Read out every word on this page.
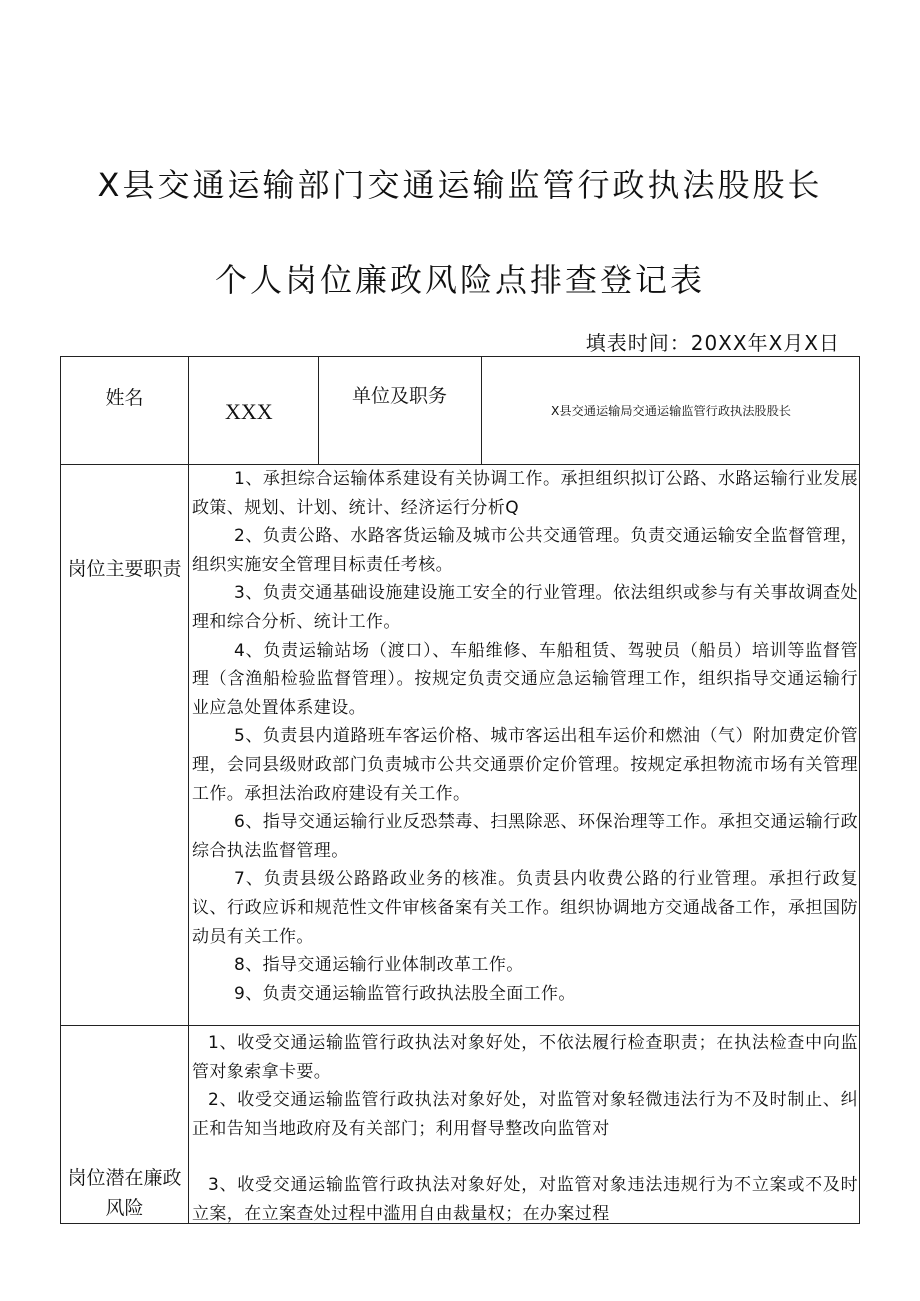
X县交通运输部门交通运输监管行政执法股股长
个人岗位廉政风险点排查登记表
填表时间：20XX年X月X日
姓名
XXX
单位及职务
X县交通运输局交通运输监管行政执法股股长
岗位主要职责

1、承担综合运输体系建设有关协调工作。承担组织拟订公路、水路运输行业发展政策、规划、计划、统计、经济运行分析Q

2、负责公路、水路客货运输及城市公共交通管理。负责交通运输安全监督管理，组织实施安全管理目标责任考核。

3、负责交通基础设施建设施工安全的行业管理。依法组织或参与有关事故调查处理和综合分析、统计工作。

4、负责运输站场（渡口）、车船维修、车船租赁、驾驶员（船员）培训等监督管理（含渔船检验监督管理）。按规定负责交通应急运输管理工作，组织指导交通运输行业应急处置体系建设。

5、负责县内道路班车客运价格、城市客运出租车运价和燃油（气）附加费定价管理，会同县级财政部门负责城市公共交通票价定价管理。按规定承担物流市场有关管理工作。承担法治政府建设有关工作。

6、指导交通运输行业反恐禁毒、扫黑除恶、环保治理等工作。承担交通运输行政综合执法监督管理。

7、负责县级公路路政业务的核准。负责县内收费公路的行业管理。承担行政复议、行政应诉和规范性文件审核备案有关工作。组织协调地方交通战备工作，承担国防动员有关工作。

8、指导交通运输行业体制改革工作。

9、负责交通运输监管行政执法股全面工作。

岗位潜在廉政风险

1、收受交通运输监管行政执法对象好处，不依法履行检查职责；在执法检查中向监管对象索拿卡要。

2、收受交通运输监管行政执法对象好处，对监管对象轻微违法行为不及时制止、纠正和告知当地政府及有关部门；利用督导整改向监管对

3、收受交通运输监管行政执法对象好处，对监管对象违法违规行为不立案或不及时立案，在立案查处过程中滥用自由裁量权；在办案过程
